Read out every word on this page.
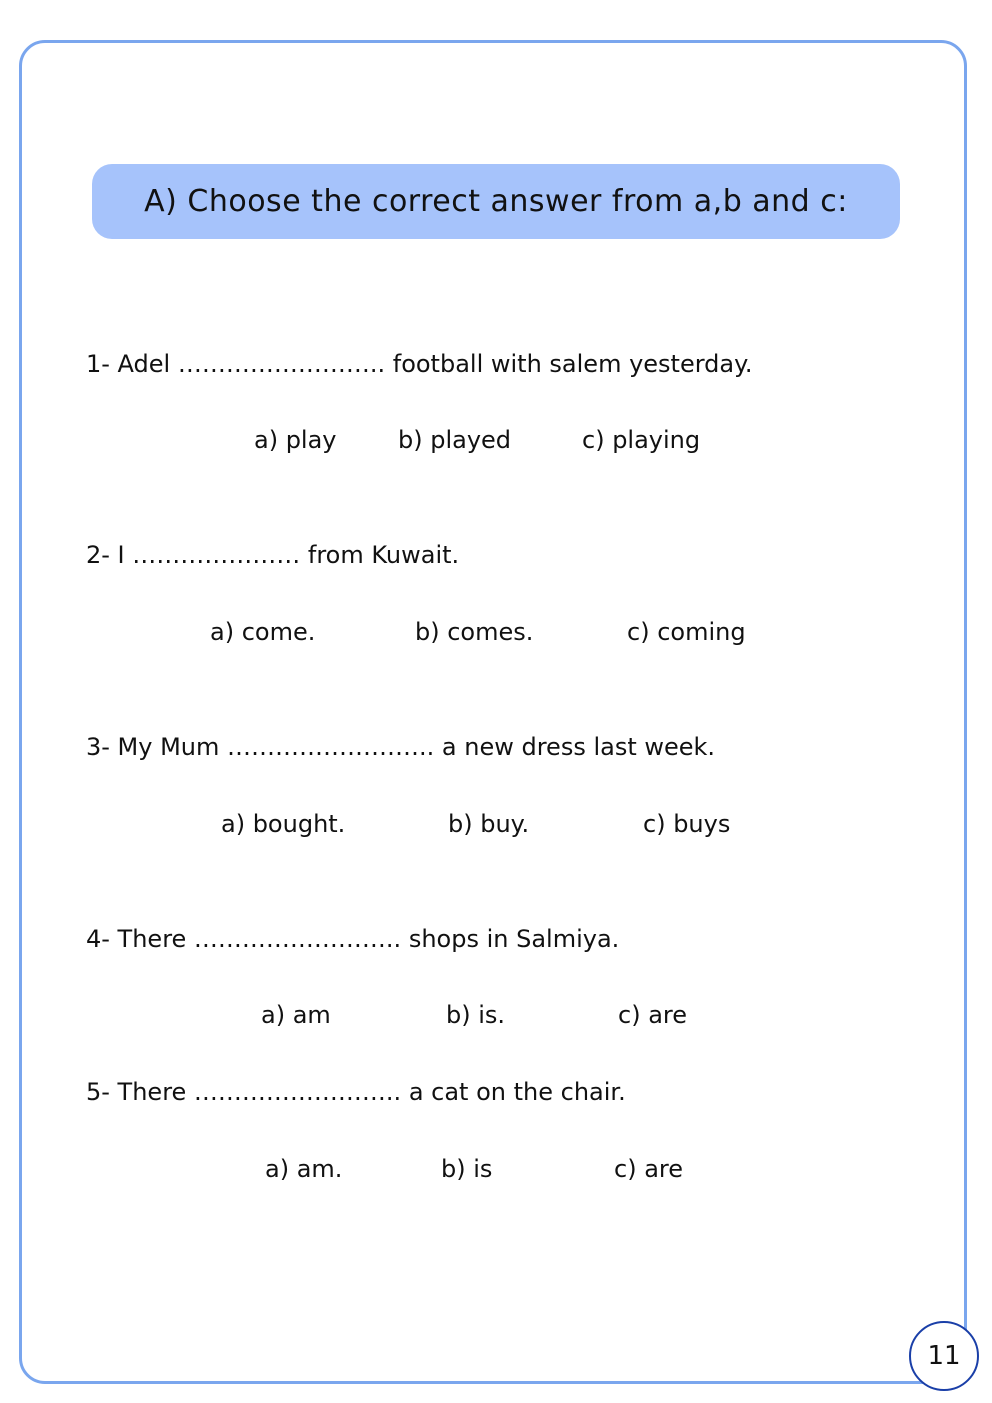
A) Choose the correct answer from a,b and c:
1- Adel …………………….. football with salem yesterday.
a) play	b) played	c) playing
2- I ………………… from Kuwait.
a) come.	b) comes.	c) coming
3- My Mum …………………….. a new dress last week.
a) bought.	b) buy.	c) buys
4- There …………………….. shops in Salmiya.
a) am	b) is.	c) are
5- There …………………….. a cat on the chair.
a) am.	b) is	c) are
11
